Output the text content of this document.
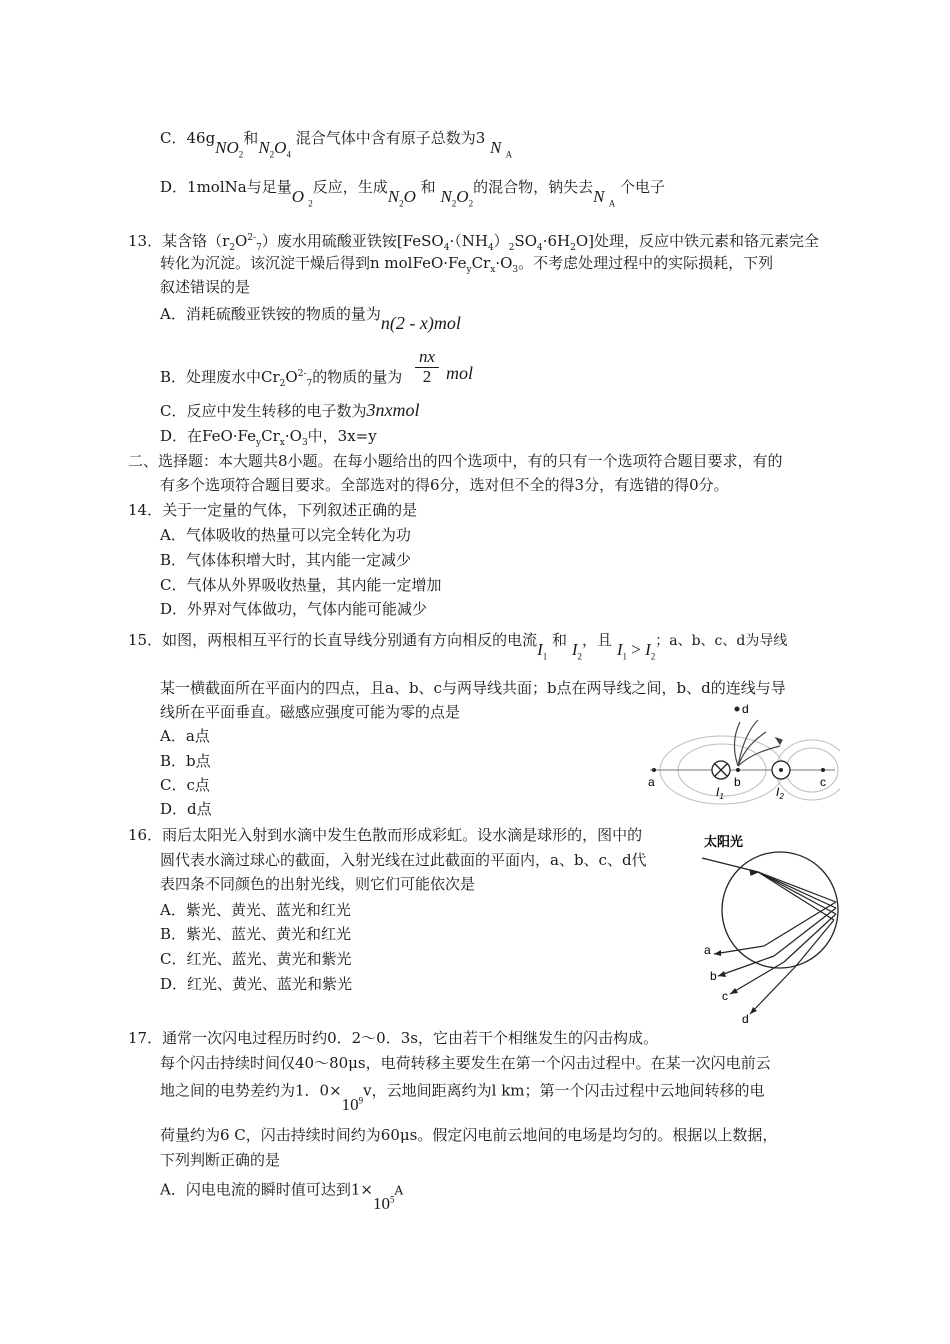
C．46gNO$_2$和$N_2O_4$ 混合气体中含有原子总数为3 N $_A$
D．1molNa与足量O $_2$反应，生成$N_2O$ 和 $N_2O_2$的混合物，钠失去N $_A$ 个电子
13．某含铬$(r_2O^{2-}_7)$废水用硫酸亚铁铵$[FeSO_4\cdot(NH_4)_2SO_4\cdot 6H_2O]$处理，反应中铁元素和铬元素完全
转化为沉淀。该沉淀干燥后得到n $molFeO\cdot Fe_yCr_x\cdot O_3$。不考虑处理过程中的实际损耗，下列
叙述错误的是
A．消耗硫酸亚铁铵的物质的量为n(2 - x)mol
B．处理废水中$Cr_2O^{2-}_7$的物质的量为
nx
2 mol
C．反应中发生转移的电子数为3nxmol
D．在$FeO\cdot Fe_yCr_x\cdot O_3$中，3x=y
二、选择题：本大题共8小题。在每小题给出的四个选项中，有的只有一个选项符合题目要求，有的
有多个选项符合题目要求。全部选对的得6分，选对但不全的得3分，有选错的得0分。
14．关于一定量的气体，下列叙述正确的是
A．气体吸收的热量可以完全转化为功
B．气体体积增大时，其内能一定减少
C．气体从外界吸收热量，其内能一定增加
D．外界对气体做功，气体内能可能减少
15．如图，两根相互平行的长直导线分别通有方向相反的电流$I_1$ 和 $I_2$，且 $I_1 > I_2$；a、b、c、d为导线
某一横截面所在平面内的四点，且a、b、c与两导线共面；b点在两导线之间，b、d的连线与导
线所在平面垂直。磁感应强度可能为零的点是
A．a点
B．b点
C．c点
D．d点
a	b	c
d
$I_1$	$I_2$
16．雨后太阳光入射到水滴中发生色散而形成彩虹。设水滴是球形的，图中的
圆代表水滴过球心的截面，入射光线在过此截面的平面内，a、b、c、d代
表四条不同颜色的出射光线，则它们可能依次是
A．紫光、黄光、蓝光和红光
B．紫光、蓝光、黄光和红光
C．红光、蓝光、黄光和紫光
D．红光、黄光、蓝光和紫光
太阳光
a
b
c
d
17．通常一次闪电过程历时约0．2～0．3s，它由若干个相继发生的闪击构成。
每个闪击持续时间仅40～80μs，电荷转移主要发生在第一个闪击过程中。在某一次闪电前云
地之间的电势差约为1．$0\times 10^9v$，云地间距离约为l km；第一个闪击过程中云地间转移的电
荷量约为6 C，闪击持续时间约为60μs。假定闪电前云地间的电场是均匀的。根据以上数据，
下列判断正确的是
A．闪电电流的瞬时值可达到$1\times 10^5A$
